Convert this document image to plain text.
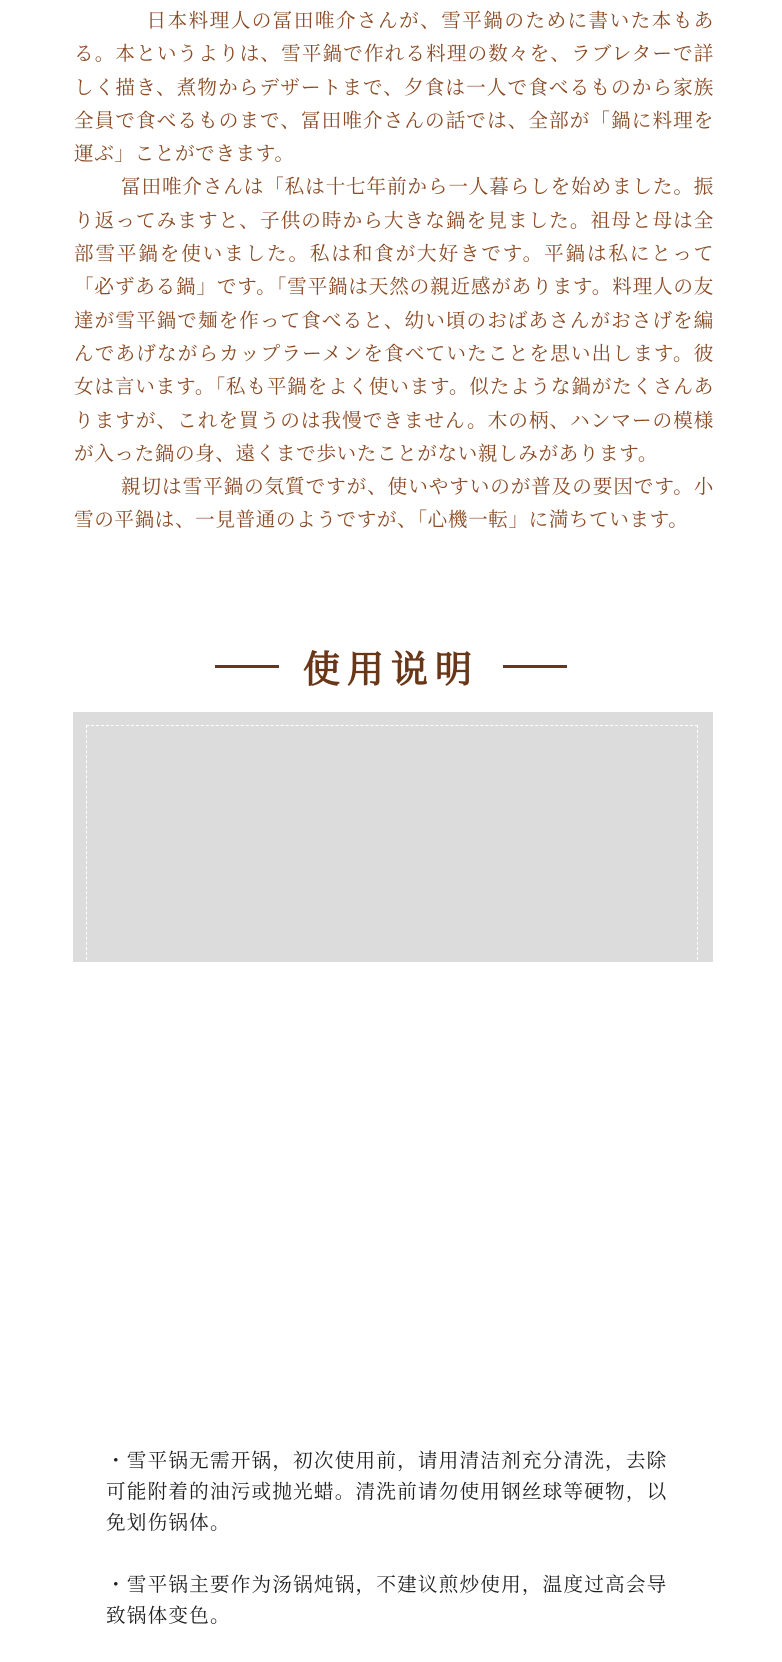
日本料理人の冨田唯介さんが、雪平鍋のために書いた本もある。本というよりは、雪平鍋で作れる料理の数々を、ラブレターで詳しく描き、煮物からデザートまで、夕食は一人で食べるものから家族全員で食べるものまで、冨田唯介さんの話では、全部が「鍋に料理を運ぶ」ことができます。

冨田唯介さんは「私は十七年前から一人暮らしを始めました。振り返ってみますと、子供の時から大きな鍋を見ました。祖母と母は全部雪平鍋を使いました。私は和食が大好きです。平鍋は私にとって「必ずある鍋」です。「雪平鍋は天然の親近感があります。料理人の友達が雪平鍋で麺を作って食べると、幼い頃のおばあさんがおさげを編んであげながらカップラーメンを食べていたことを思い出します。彼女は言います。「私も平鍋をよく使います。似たような鍋がたくさんありますが、これを買うのは我慢できません。木の柄、ハンマーの模様が入った鍋の身、遠くまで歩いたことがない親しみがあります。

親切は雪平鍋の気質ですが、使いやすいのが普及の要因です。小雪の平鍋は、一見普通のようですが、「心機一転」に満ちています。

使用说明

・雪平锅无需开锅，初次使用前，请用清洁剂充分清洗，去除可能附着的油污或抛光蜡。清洗前请勿使用钢丝球等硬物，以免划伤锅体。

・雪平锅主要作为汤锅炖锅，不建议煎炒使用，温度过高会导致锅体变色。
